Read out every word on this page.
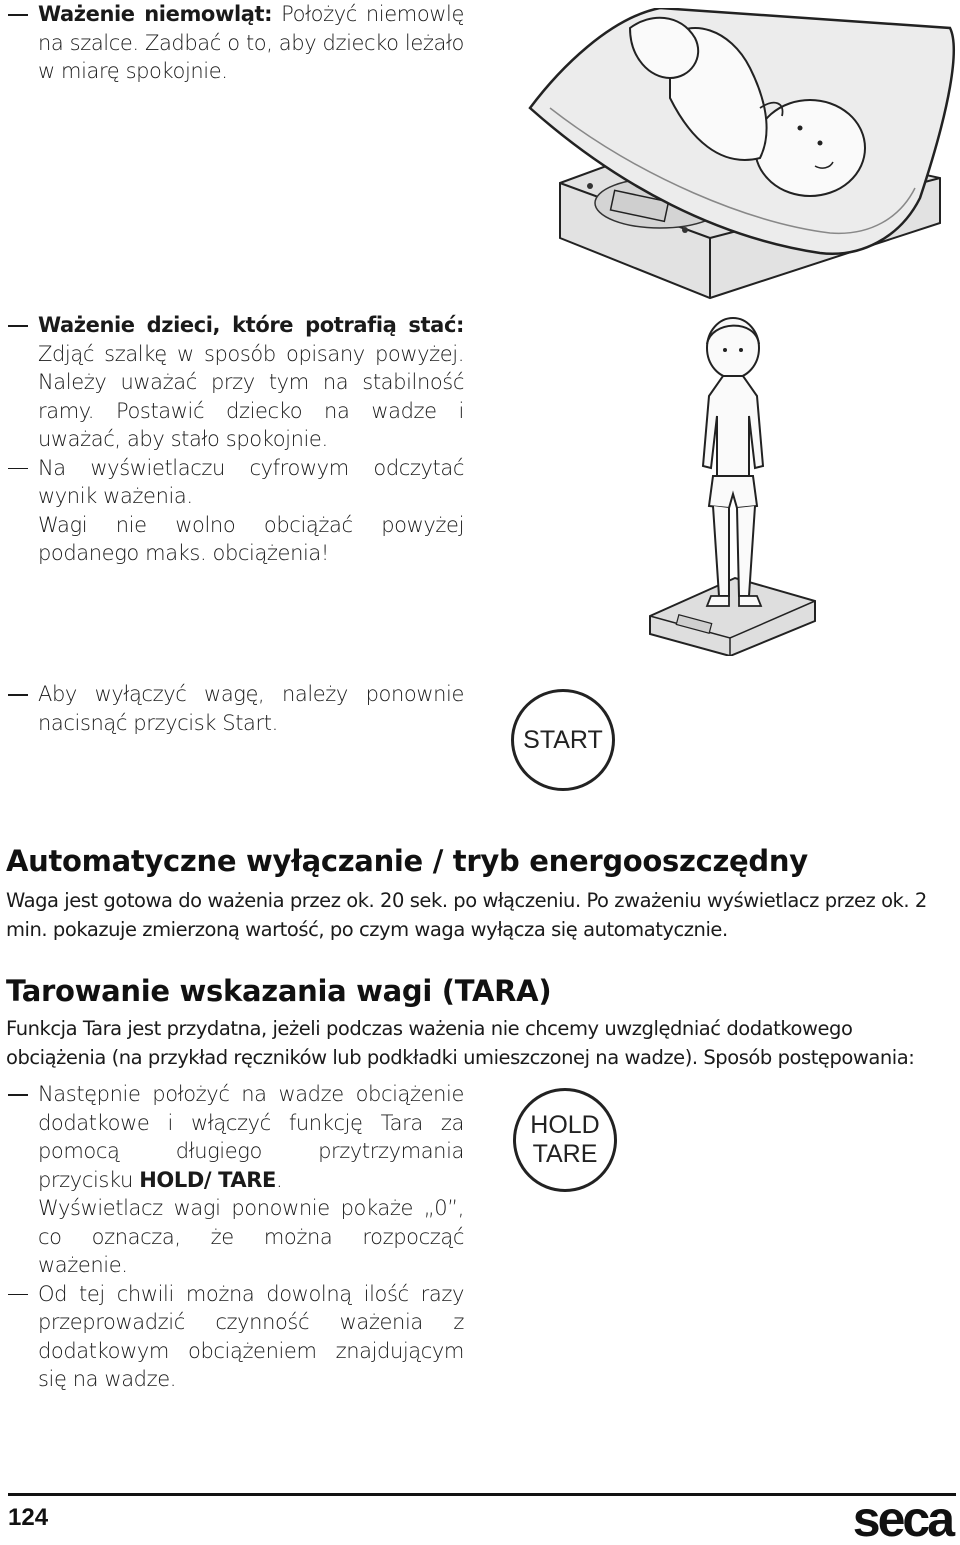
Ważenie niemowląt: Położyć niemowlę na szalce. Zadbać o to, aby dziecko leżało w miarę spokojnie.
Ważenie dzieci, które potrafią stać: Zdjąć szalkę w sposób opisany powyżej. Należy uważać przy tym na stabilność ramy. Postawić dziecko na wadze i uważać, aby stało spokojnie.
Na wyświetlaczu cyfrowym odczytać wynik ważenia.
Wagi nie wolno obciążać powyżej podanego maks. obciążenia!
Aby wyłączyć wagę, należy ponownie nacisnąć przycisk Start.
START
Automatyczne wyłączanie / tryb energooszczędny
Waga jest gotowa do ważenia przez ok. 20 sek. po włączeniu. Po zważeniu wyświetlacz przez ok. 2 min. pokazuje zmierzoną wartość, po czym waga wyłącza się automatycznie.
Tarowanie wskazania wagi (TARA)
Funkcja Tara jest przydatna, jeżeli podczas ważenia nie chcemy uwzględniać dodatkowego obciążenia (na przykład ręczników lub podkładki umieszczonej na wadze). Sposób postępowania:
Następnie położyć na wadze obciążenie dodatkowe i włączyć funkcję Tara za pomocą długiego przytrzymania przycisku HOLD/ TARE.
Wyświetlacz wagi ponownie pokaże „0”, co oznacza, że można rozpocząć ważenie.
Od tej chwili można dowolną ilość razy przeprowadzić czynność ważenia z dodatkowym obciążeniem znajdującym się na wadze.
HOLD
TARE
124	seca
